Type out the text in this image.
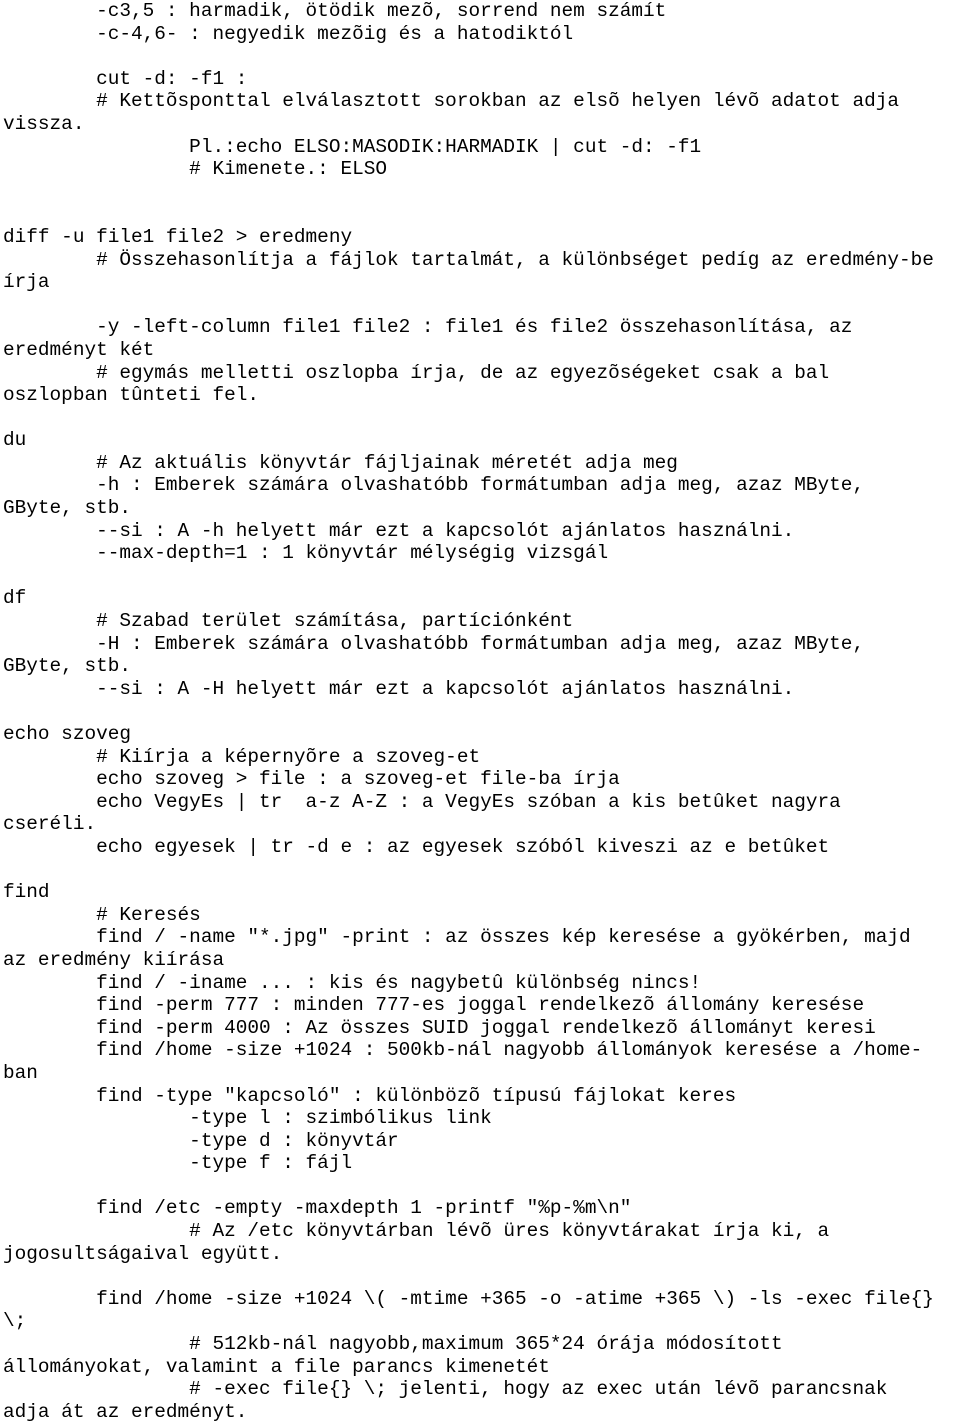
-c3,5 : harmadik, ötödik mezõ, sorrend nem számít
-c-4,6- : negyedik mezõig és a hatodiktól
cut -d: -f1 :
# Kettõsponttal elválasztott sorokban az elsõ helyen lévõ adatot adja
vissza.
Pl.:echo ELSO:MASODIK:HARMADIK | cut -d: -f1
# Kimenete.: ELSO
diff -u file1 file2 > eredmeny
# Összehasonlítja a fájlok tartalmát, a különbséget pedíg az eredmény-be
írja
-y -left-column file1 file2 : file1 és file2 összehasonlítása, az
eredményt két
# egymás melletti oszlopba írja, de az egyezõségeket csak a bal
oszlopban tûnteti fel.
du
# Az aktuális könyvtár fájljainak méretét adja meg
-h : Emberek számára olvashatóbb formátumban adja meg, azaz MByte,
GByte, stb.
--si : A -h helyett már ezt a kapcsolót ajánlatos használni.
--max-depth=1 : 1 könyvtár mélységig vizsgál
df
# Szabad terület számítása, partíciónként
-H : Emberek számára olvashatóbb formátumban adja meg, azaz MByte,
GByte, stb.
--si : A -H helyett már ezt a kapcsolót ajánlatos használni.
echo szoveg
# Kiírja a képernyõre a szoveg-et
echo szoveg > file : a szoveg-et file-ba írja
echo VegyEs | tr  a-z A-Z : a VegyEs szóban a kis betûket nagyra
cseréli.
echo egyesek | tr -d e : az egyesek szóból kiveszi az e betûket
find
# Keresés
find / -name "*.jpg" -print : az összes kép keresése a gyökérben, majd
az eredmény kiírása
find / -iname ... : kis és nagybetû különbség nincs!
find -perm 777 : minden 777-es joggal rendelkezõ állomány keresése
find -perm 4000 : Az összes SUID joggal rendelkezõ állományt keresi
find /home -size +1024 : 500kb-nál nagyobb állományok keresése a /home-
ban
find -type "kapcsoló" : különbözõ típusú fájlokat keres
-type l : szimbólikus link
-type d : könyvtár
-type f : fájl
find /etc -empty -maxdepth 1 -printf "%p-%m\n"
# Az /etc könyvtárban lévõ üres könyvtárakat írja ki, a
jogosultságaival együtt.
find /home -size +1024 \( -mtime +365 -o -atime +365 \) -ls -exec file{}
\;
# 512kb-nál nagyobb,maximum 365*24 órája módosított
állományokat, valamint a file parancs kimenetét
# -exec file{} \; jelenti, hogy az exec után lévõ parancsnak
adja át az eredményt.
